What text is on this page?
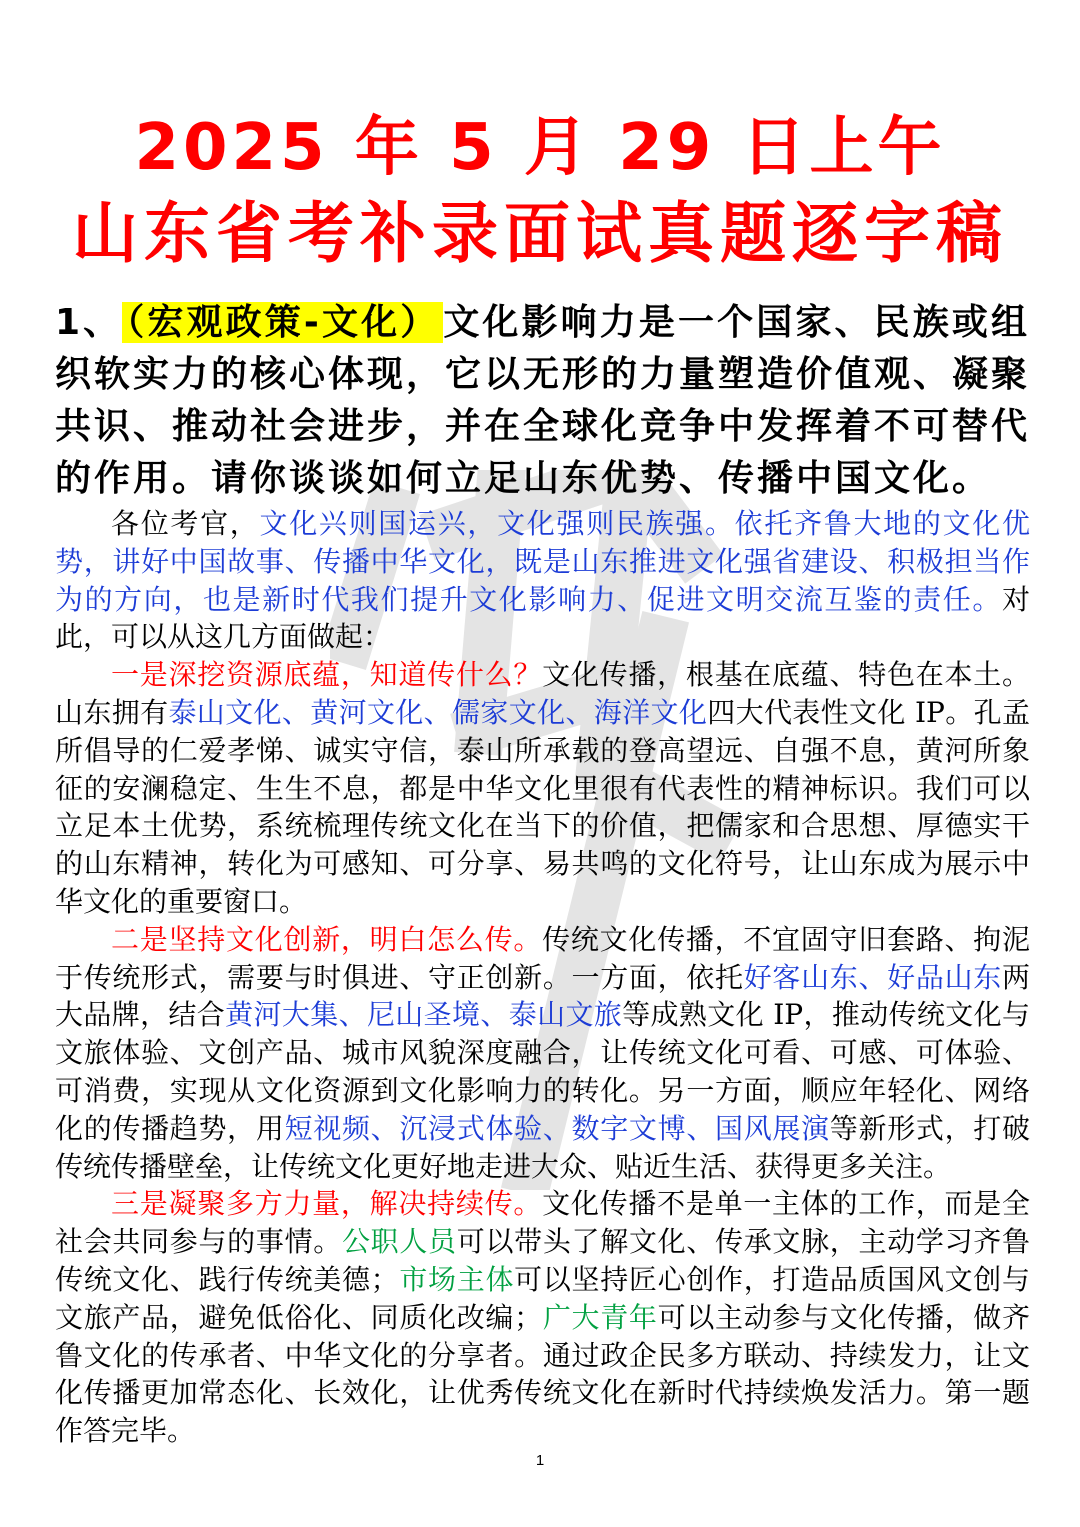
2025 年 5 月 29 日上午
山东省考补录面试真题逐字稿
1、 （宏观政策-文化） 文化影响力是一个国家、民族或组织软实力的核心体现，它以无形的力量塑造价值观、凝聚共识、推动社会进步，并在全球化竞争中发挥着不可替代的作用。请你谈谈如何立足山东优势、传播中国文化。

各位考官，文化兴则国运兴，文化强则民族强。依托齐鲁大地的文化优势，讲好中国故事、传播中华文化，既是山东推进文化强省建设、积极担当作为的方向，也是新时代我们提升文化影响力、促进文明交流互鉴的责任。对此，可以从这几方面做起：

一是深挖资源底蕴，知道传什么？文化传播，根基在底蕴、特色在本土。山东拥有泰山文化、黄河文化、儒家文化、海洋文化四大代表性文化 IP。孔孟所倡导的仁爱孝悌、诚实守信，泰山所承载的登高望远、自强不息，黄河所象征的安澜稳定、生生不息，都是中华文化里很有代表性的精神标识。我们可以立足本土优势，系统梳理传统文化在当下的价值，把儒家和合思想、厚德实干的山东精神，转化为可感知、可分享、易共鸣的文化符号，让山东成为展示中华文化的重要窗口。

二是坚持文化创新，明白怎么传。传统文化传播，不宜固守旧套路、拘泥于传统形式，需要与时俱进、守正创新。一方面，依托好客山东、好品山东两大品牌，结合黄河大集、尼山圣境、泰山文旅等成熟文化 IP，推动传统文化与文旅体验、文创产品、城市风貌深度融合，让传统文化可看、可感、可体验、可消费，实现从文化资源到文化影响力的转化。另一方面，顺应年轻化、网络化的传播趋势，用短视频、沉浸式体验、数字文博、国风展演等新形式，打破传统传播壁垒，让传统文化更好地走进大众、贴近生活、获得更多关注。

三是凝聚多方力量，解决持续传。文化传播不是单一主体的工作，而是全社会共同参与的事情。公职人员可以带头了解文化、传承文脉，主动学习齐鲁传统文化、践行传统美德；市场主体可以坚持匠心创作，打造品质国风文创与文旅产品，避免低俗化、同质化改编；广大青年可以主动参与文化传播，做齐鲁文化的传承者、中华文化的分享者。通过政企民多方联动、持续发力，让文化传播更加常态化、长效化，让优秀传统文化在新时代持续焕发活力。第一题作答完毕。

1
